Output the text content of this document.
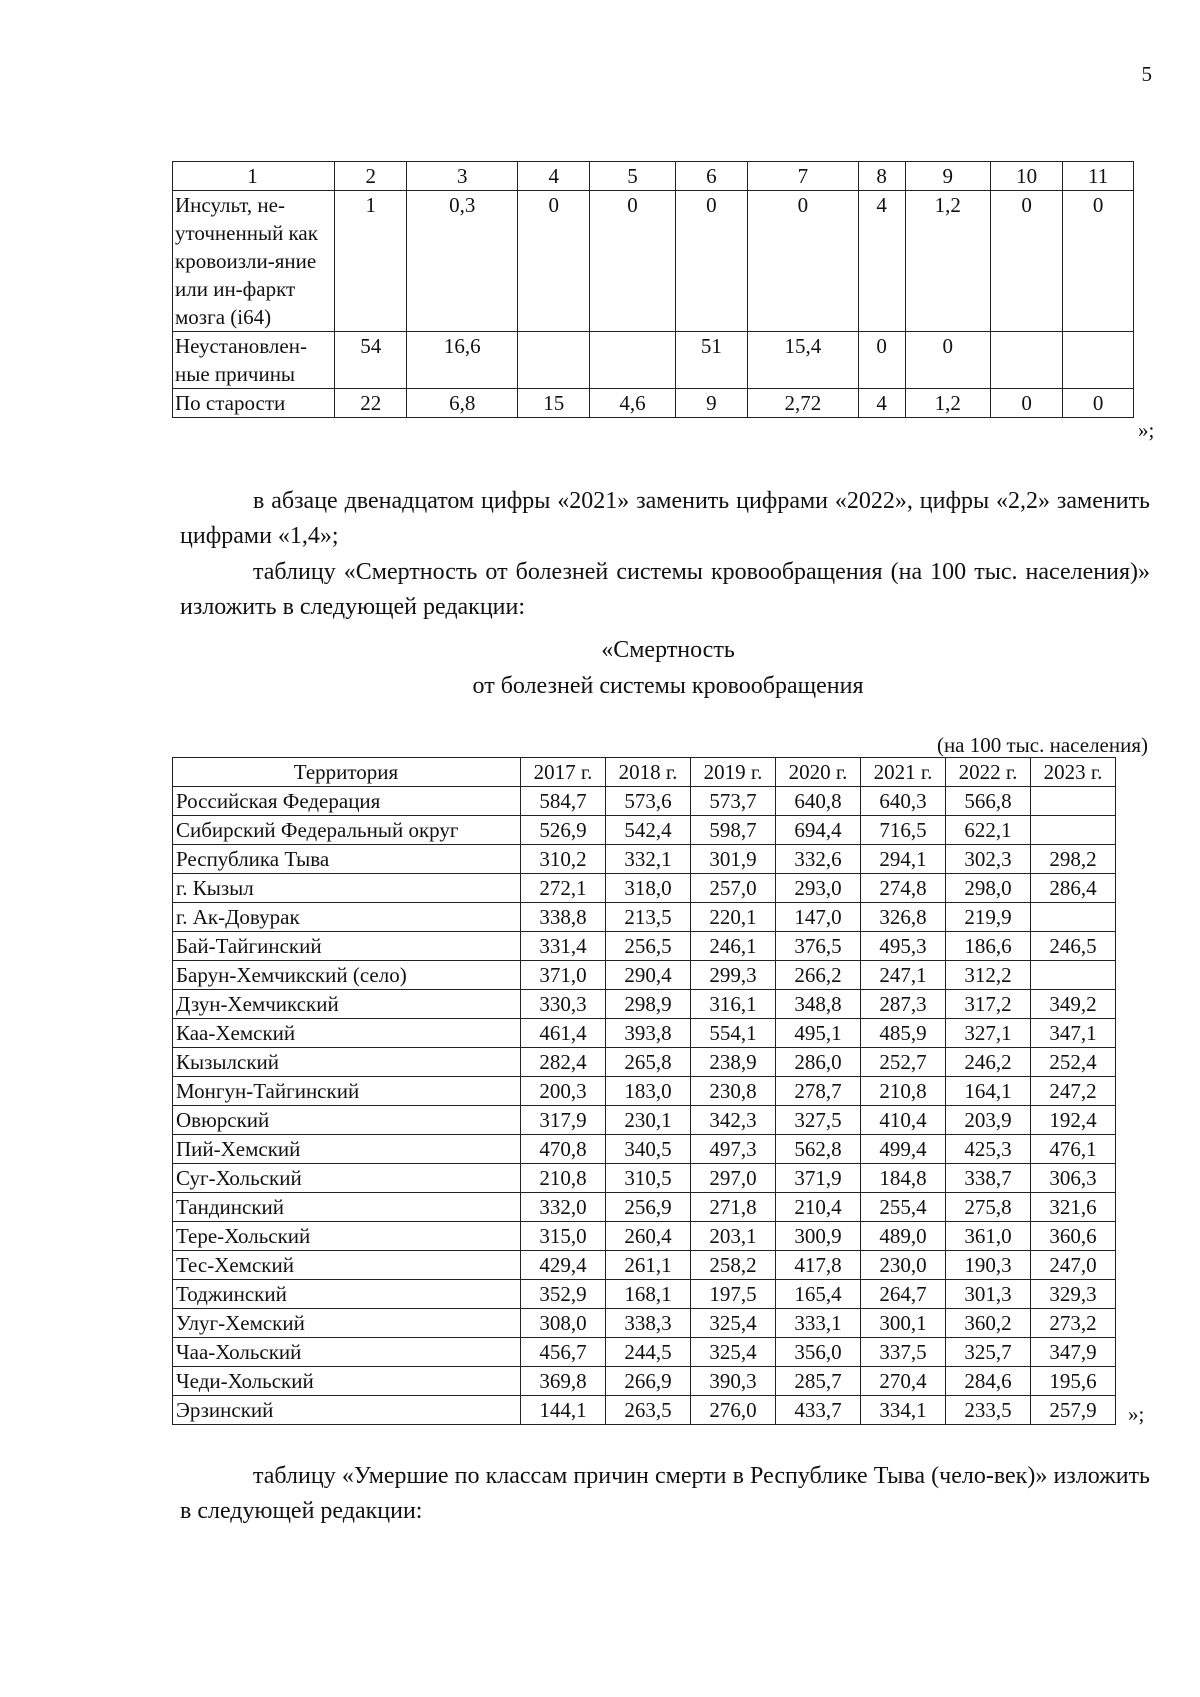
5
1	2	3	4	5	6	7	8	9	10	11
Инсульт, не-уточненный как кровоизли-яние или ин-фаркт мозга (i64)	1	0,3	0	0	0	0	4	1,2	0	0
Неустановлен-ные причины	54	16,6			51	15,4	0	0		
По старости	22	6,8	15	4,6	9	2,72	4	1,2	0	0
»;
в абзаце двенадцатом цифры «2021» заменить цифрами «2022», цифры «2,2» заменить цифрами «1,4»;
таблицу «Смертность от болезней системы кровообращения (на 100 тыс. населения)» изложить в следующей редакции:
«Смертность
от болезней системы кровообращения
(на 100 тыс. населения)
Территория	2017 г.	2018 г.	2019 г.	2020 г.	2021 г.	2022 г.	2023 г.
Российская Федерация	584,7	573,6	573,7	640,8	640,3	566,8	
Сибирский Федеральный округ	526,9	542,4	598,7	694,4	716,5	622,1	
Республика Тыва	310,2	332,1	301,9	332,6	294,1	302,3	298,2
г. Кызыл	272,1	318,0	257,0	293,0	274,8	298,0	286,4
г. Ак-Довурак	338,8	213,5	220,1	147,0	326,8	219,9	
Бай-Тайгинский	331,4	256,5	246,1	376,5	495,3	186,6	246,5
Барун-Хемчикский (село)	371,0	290,4	299,3	266,2	247,1	312,2	
Дзун-Хемчикский	330,3	298,9	316,1	348,8	287,3	317,2	349,2
Каа-Хемский	461,4	393,8	554,1	495,1	485,9	327,1	347,1
Кызылский	282,4	265,8	238,9	286,0	252,7	246,2	252,4
Монгун-Тайгинский	200,3	183,0	230,8	278,7	210,8	164,1	247,2
Овюрский	317,9	230,1	342,3	327,5	410,4	203,9	192,4
Пий-Хемский	470,8	340,5	497,3	562,8	499,4	425,3	476,1
Суг-Хольский	210,8	310,5	297,0	371,9	184,8	338,7	306,3
Тандинский	332,0	256,9	271,8	210,4	255,4	275,8	321,6
Тере-Хольский	315,0	260,4	203,1	300,9	489,0	361,0	360,6
Тес-Хемский	429,4	261,1	258,2	417,8	230,0	190,3	247,0
Тоджинский	352,9	168,1	197,5	165,4	264,7	301,3	329,3
Улуг-Хемский	308,0	338,3	325,4	333,1	300,1	360,2	273,2
Чаа-Хольский	456,7	244,5	325,4	356,0	337,5	325,7	347,9
Чеди-Хольский	369,8	266,9	390,3	285,7	270,4	284,6	195,6
Эрзинский	144,1	263,5	276,0	433,7	334,1	233,5	257,9 »;
таблицу «Умершие по классам причин смерти в Республике Тыва (чело-век)» изложить в следующей редакции:
